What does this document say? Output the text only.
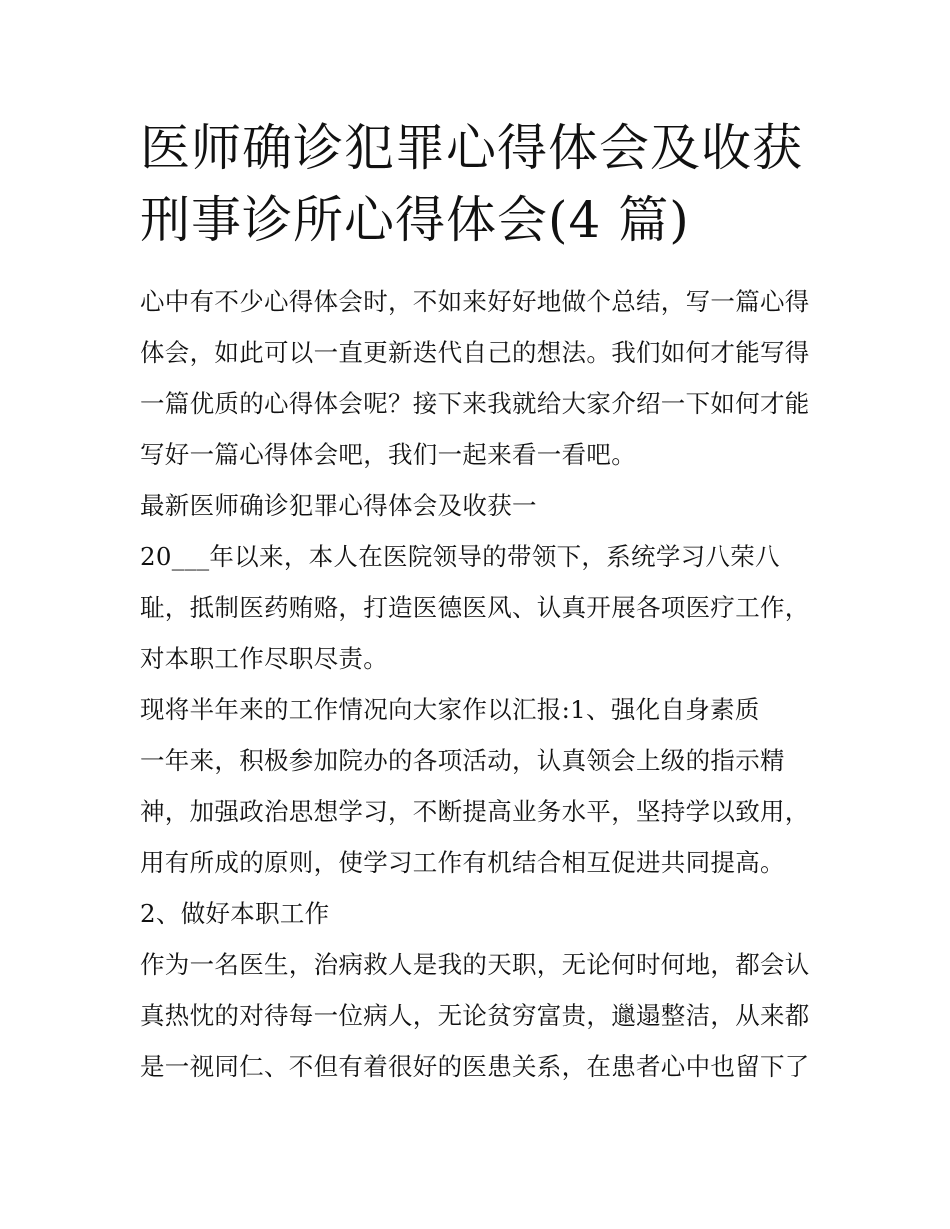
医师确诊犯罪心得体会及收获
刑事诊所心得体会(4 篇)
心中有不少心得体会时，不如来好好地做个总结，写一篇心得
体会，如此可以一直更新迭代自己的想法。我们如何才能写得
一篇优质的心得体会呢？接下来我就给大家介绍一下如何才能
写好一篇心得体会吧，我们一起来看一看吧。
最新医师确诊犯罪心得体会及收获一
20___年以来，本人在医院领导的带领下，系统学习八荣八
耻，抵制医药贿赂，打造医德医风、认真开展各项医疗工作，
对本职工作尽职尽责。
现将半年来的工作情况向大家作以汇报:1、强化自身素质
一年来，积极参加院办的各项活动，认真领会上级的指示精
神，加强政治思想学习，不断提高业务水平，坚持学以致用，
用有所成的原则，使学习工作有机结合相互促进共同提高。
2、做好本职工作
作为一名医生，治病救人是我的天职，无论何时何地，都会认
真热忱的对待每一位病人，无论贫穷富贵，邋遢整洁，从来都
是一视同仁、不但有着很好的医患关系，在患者心中也留下了
